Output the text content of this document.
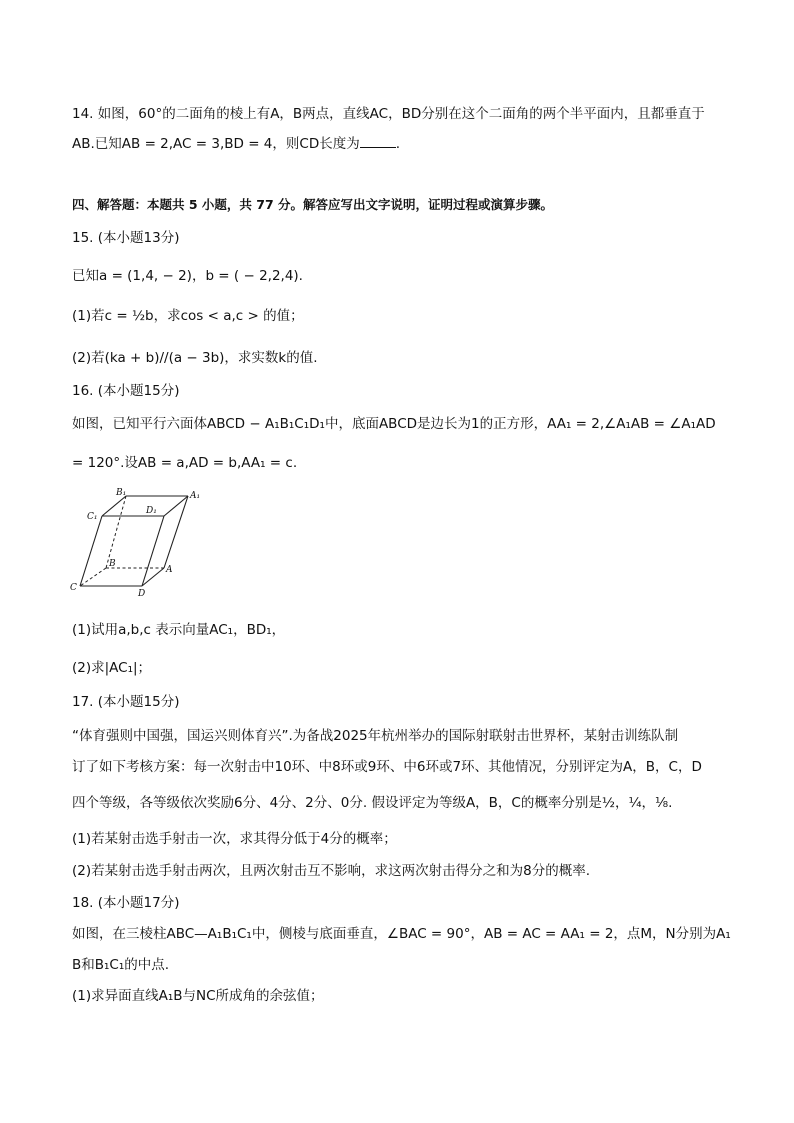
14. 如图，60°的二面角的棱上有A，B两点，直线AC，BD分别在这个二面角的两个半平面内，且都垂直于
AB.已知AB = 2,AC = 3,BD = 4，则CD长度为	.
四、解答题：本题共 5 小题，共 77 分。解答应写出文字说明，证明过程或演算步骤。
15. (本小题13分)
已知a = (1,4, − 2)，b = ( − 2,2,4).
(1)若c = ½b，求cos < a,c > 的值；
(2)若(ka + b)//(a − 3b)，求实数k的值.
16. (本小题15分)
如图，已知平行六面体ABCD − A₁B₁C₁D₁中，底面ABCD是边长为1的正方形，AA₁ = 2,∠A₁AB = ∠A₁AD
= 120°.设AB = a,AD = b,AA₁ = c.
B₁	A₁
C₁
D₁
B
A
C
D
(1)试用a,b,c 表示向量AC₁，BD₁，
(2)求|AC₁|；
17. (本小题15分)
“体育强则中国强，国运兴则体育兴”.为备战2025年杭州举办的国际射联射击世界杯，某射击训练队制
订了如下考核方案：每一次射击中10环、中8环或9环、中6环或7环、其他情况，分别评定为A，B，C，D
四个等级，各等级依次奖励6分、4分、2分、0分. 假设评定为等级A，B，C的概率分别是½，¼，⅛.
(1)若某射击选手射击一次，求其得分低于4分的概率；
(2)若某射击选手射击两次，且两次射击互不影响，求这两次射击得分之和为8分的概率.
18. (本小题17分)
如图，在三棱柱ABC—A₁B₁C₁中，侧棱与底面垂直，∠BAC = 90°，AB = AC = AA₁ = 2，点M，N分别为A₁
B和B₁C₁的中点.
(1)求异面直线A₁B与NC所成角的余弦值；
